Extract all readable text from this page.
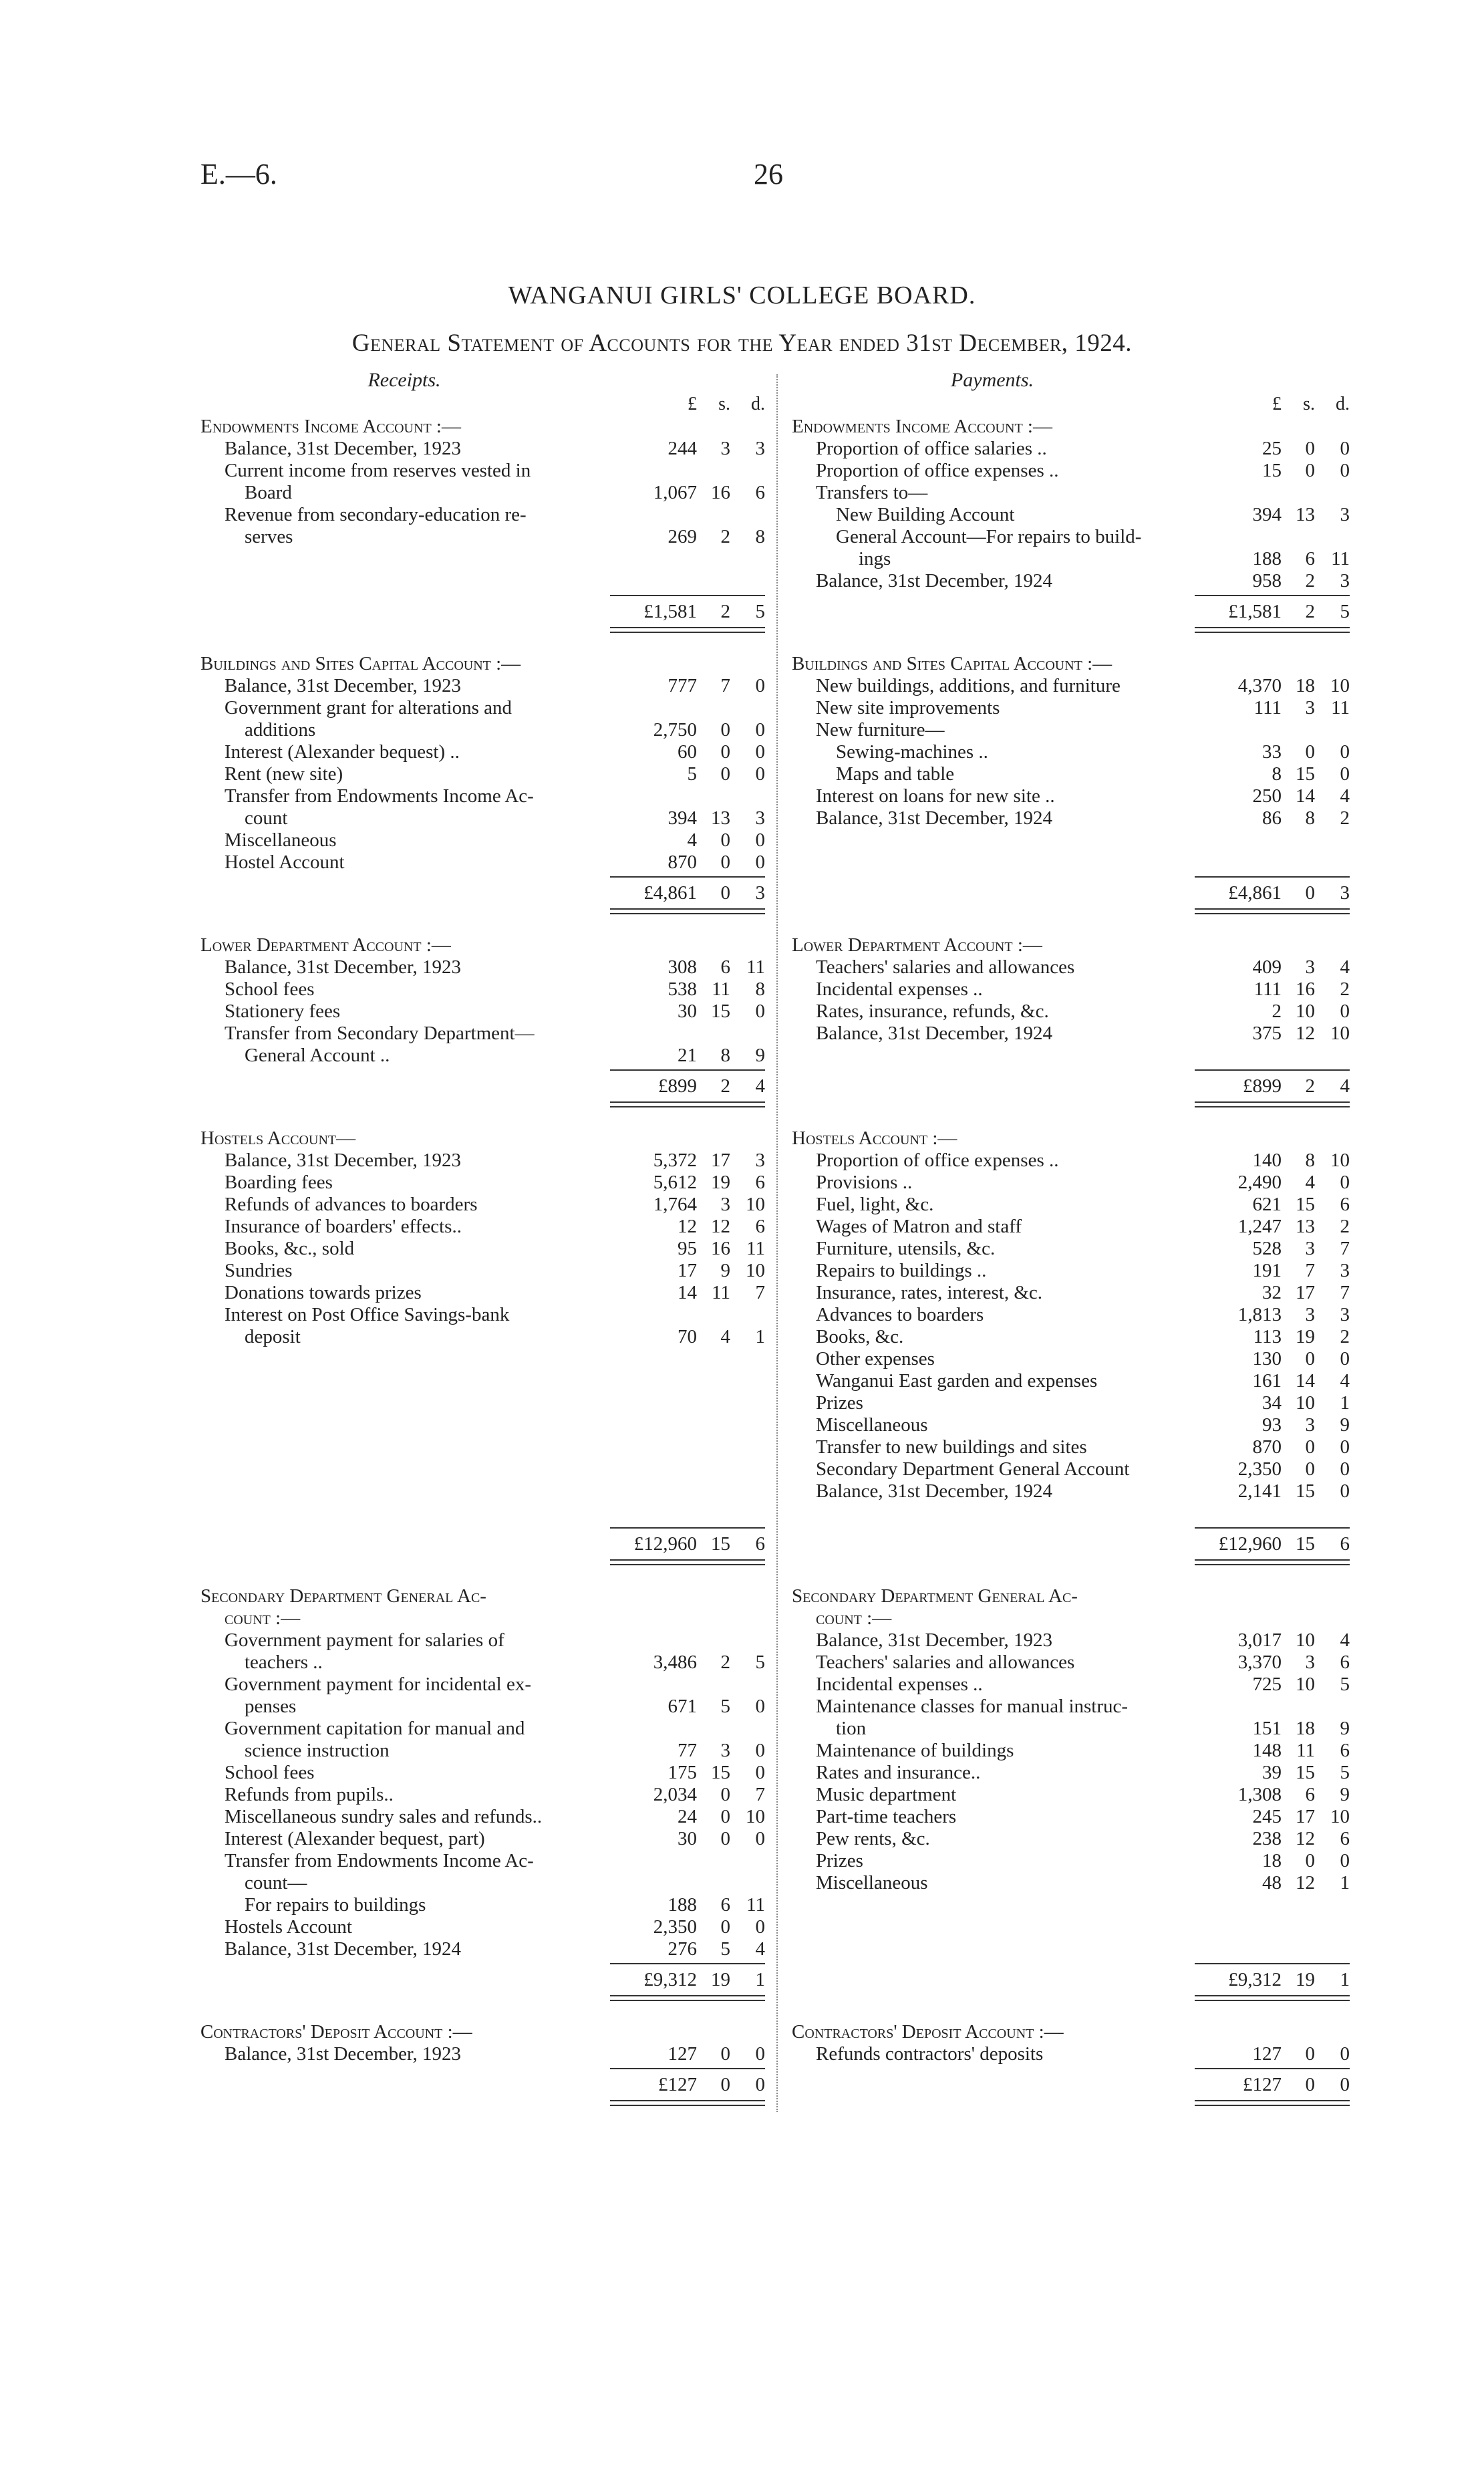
E.—6.	26
WANGANUI GIRLS' COLLEGE BOARD.
General Statement of Accounts for the Year ended 31st December, 1924.
Receipts.
£	s.	d.
Endowments Income Account :—
Balance, 31st December, 1923	244	3	3
Current income from reserves vested in
Board	1,067 16	6
Revenue from secondary-education re-
serves	269	2	8
£1,581	2	5
Buildings and Sites Capital Account :—
Balance, 31st December, 1923	777	7	0
Government grant for alterations and
additions	2,750	0	0
Interest (Alexander bequest) ..	60	0	0
Rent (new site)	5	0	0
Transfer from Endowments Income Ac-
count	394 13	3
Miscellaneous	4	0	0
Hostel Account	870	0	0
£4,861	0	3
Lower Department Account :—
Balance, 31st December, 1923	308	6 11
School fees	538 11	8
Stationery fees	30 15	0
Transfer from Secondary Department—
General Account ..	21	8	9
£899	2	4
Hostels Account—
Balance, 31st December, 1923	5,372 17	3
Boarding fees	5,612 19	6
Refunds of advances to boarders	1,764	3 10
Insurance of boarders' effects..	12 12	6
Books, &c., sold	95 16 11
Sundries	17	9 10
Donations towards prizes	14 11	7
Interest on Post Office Savings-bank
deposit	70	4	1
£12,960 15	6
Secondary Department General Ac-
count :—
Government payment for salaries of
teachers ..	3,486	2	5
Government payment for incidental ex-
penses	671	5	0
Government capitation for manual and
science instruction	77	3	0
School fees	175 15	0
Refunds from pupils..	2,034	0	7
Miscellaneous sundry sales and refunds..	24	0 10
Interest (Alexander bequest, part)	30	0	0
Transfer from Endowments Income Ac-
count—
For repairs to buildings	188	6 11
Hostels Account	2,350	0	0
Balance, 31st December, 1924	276	5	4
£9,312 19	1
Contractors' Deposit Account :—
Balance, 31st December, 1923	127	0	0
£127	0	0
Payments.
£	s.	d.
Endowments Income Account :—
Proportion of office salaries ..	25	0	0
Proportion of office expenses ..	15	0	0
Transfers to—
New Building Account	394 13	3
General Account—For repairs to build-
ings	188	6 11
Balance, 31st December, 1924	958	2	3
£1,581	2	5
Buildings and Sites Capital Account :—
New buildings, additions, and furniture	4,370 18 10
New site improvements	111	3 11
New furniture—
Sewing-machines ..	33	0	0
Maps and table	8 15	0
Interest on loans for new site ..	250 14	4
Balance, 31st December, 1924	86	8	2
£4,861	0	3
Lower Department Account :—
Teachers' salaries and allowances	409	3	4
Incidental expenses ..	111 16	2
Rates, insurance, refunds, &c.	2 10	0
Balance, 31st December, 1924	375 12 10
£899	2	4
Hostels Account :—
Proportion of office expenses ..	140	8 10
Provisions ..	2,490	4	0
Fuel, light, &c.	621 15	6
Wages of Matron and staff	1,247 13	2
Furniture, utensils, &c.	528	3	7
Repairs to buildings ..	191	7	3
Insurance, rates, interest, &c.	32 17	7
Advances to boarders	1,813	3	3
Books, &c.	113 19	2
Other expenses	130	0	0
Wanganui East garden and expenses	161 14	4
Prizes	34 10	1
Miscellaneous	93	3	9
Transfer to new buildings and sites	870	0	0
Secondary Department General Account	2,350	0	0
Balance, 31st December, 1924	2,141 15	0
£12,960 15	6
Secondary Department General Ac-
count :—
Balance, 31st December, 1923	3,017 10	4
Teachers' salaries and allowances	3,370	3	6
Incidental expenses ..	725 10	5
Maintenance classes for manual instruc-
tion	151 18	9
Maintenance of buildings	148 11	6
Rates and insurance..	39 15	5
Music department	1,308	6	9
Part-time teachers	245 17 10
Pew rents, &c.	238 12	6
Prizes	18	0	0
Miscellaneous	48 12	1
£9,312 19	1
Contractors' Deposit Account :—
Refunds contractors' deposits	127	0	0
£127	0	0
